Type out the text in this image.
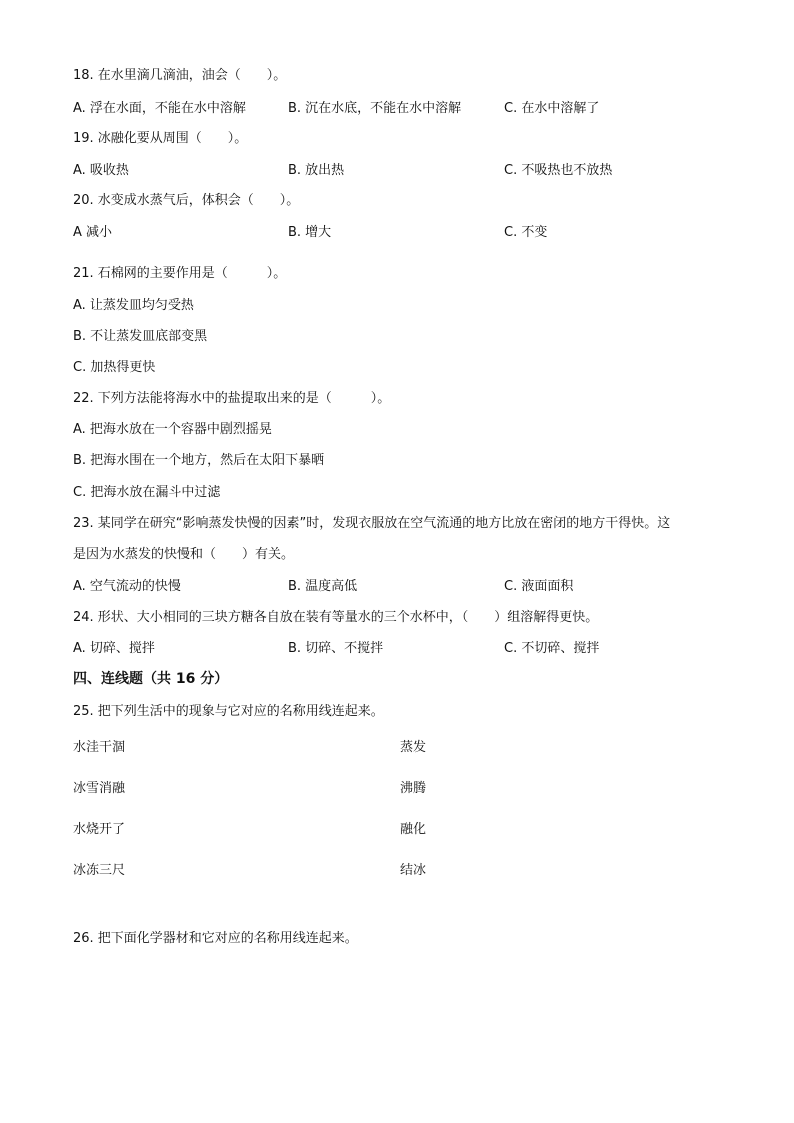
18. 在水里滴几滴油，油会（　　）。
A. 浮在水面，不能在水中溶解	B. 沉在水底，不能在水中溶解	C. 在水中溶解了
19. 冰融化要从周围（　　）。
A. 吸收热	B. 放出热	C. 不吸热也不放热
20. 水变成水蒸气后，体积会（　　）。
A 减小	B. 增大	C. 不变
21. 石棉网的主要作用是（　　　）。
A. 让蒸发皿均匀受热
B. 不让蒸发皿底部变黑
C. 加热得更快
22. 下列方法能将海水中的盐提取出来的是（　　　）。
A. 把海水放在一个容器中剧烈摇晃
B. 把海水围在一个地方，然后在太阳下暴晒
C. 把海水放在漏斗中过滤
23. 某同学在研究“影响蒸发快慢的因素”时，发现衣服放在空气流通的地方比放在密闭的地方干得快。这
是因为水蒸发的快慢和（　　）有关。
A. 空气流动的快慢	B. 温度高低	C. 液面面积
24. 形状、大小相同的三块方糖各自放在装有等量水的三个水杯中，（　　）组溶解得更快。
A. 切碎、搅拌	B. 切碎、不搅拌	C. 不切碎、搅拌
四、连线题（共 16 分）
25. 把下列生活中的现象与它对应的名称用线连起来。
水洼干涸	蒸发
冰雪消融	沸腾
水烧开了	融化
冰冻三尺	结冰
26. 把下面化学器材和它对应的名称用线连起来。
